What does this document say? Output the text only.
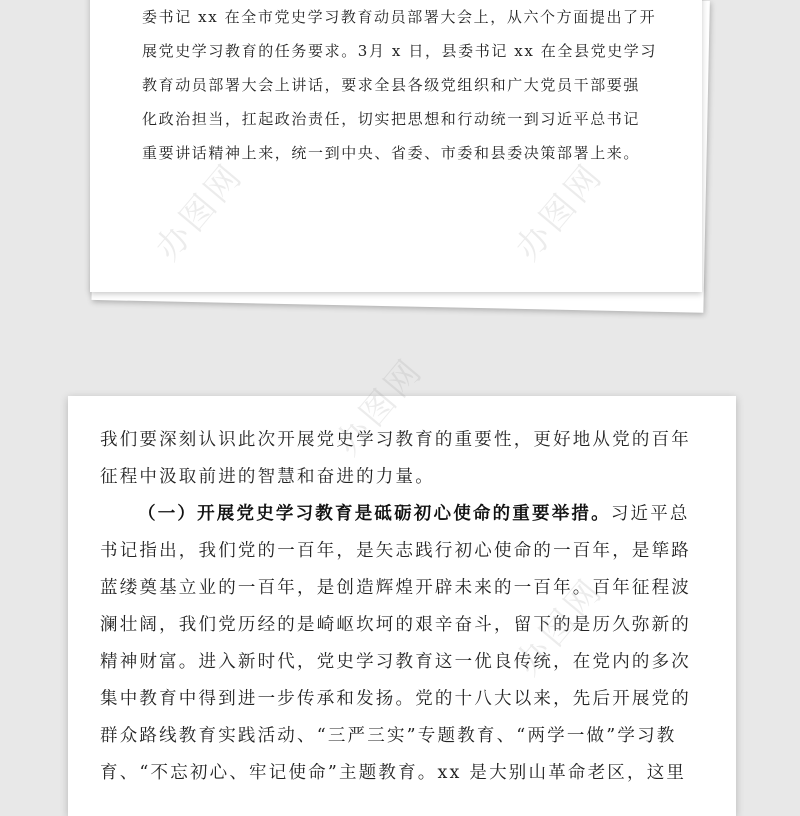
委书记 xx 在全市党史学习教育动员部署大会上，从六个方面提出了开
展党史学习教育的任务要求。3月 x 日，县委书记 xx 在全县党史学习
教育动员部署大会上讲话，要求全县各级党组织和广大党员干部要强
化政治担当，扛起政治责任，切实把思想和行动统一到习近平总书记
重要讲话精神上来，统一到中央、省委、市委和县委决策部署上来。
我们要深刻认识此次开展党史学习教育的重要性，更好地从党的百年
征程中汲取前进的智慧和奋进的力量。
（一）开展党史学习教育是砥砺初心使命的重要举措。习近平总
书记指出，我们党的一百年，是矢志践行初心使命的一百年，是筚路
蓝缕奠基立业的一百年，是创造辉煌开辟未来的一百年。百年征程波
澜壮阔，我们党历经的是崎岖坎坷的艰辛奋斗，留下的是历久弥新的
精神财富。进入新时代，党史学习教育这一优良传统，在党内的多次
集中教育中得到进一步传承和发扬。党的十八大以来，先后开展党的
群众路线教育实践活动、“三严三实”专题教育、“两学一做”学习教
育、“不忘初心、牢记使命”主题教育。xx 是大别山革命老区，这里
